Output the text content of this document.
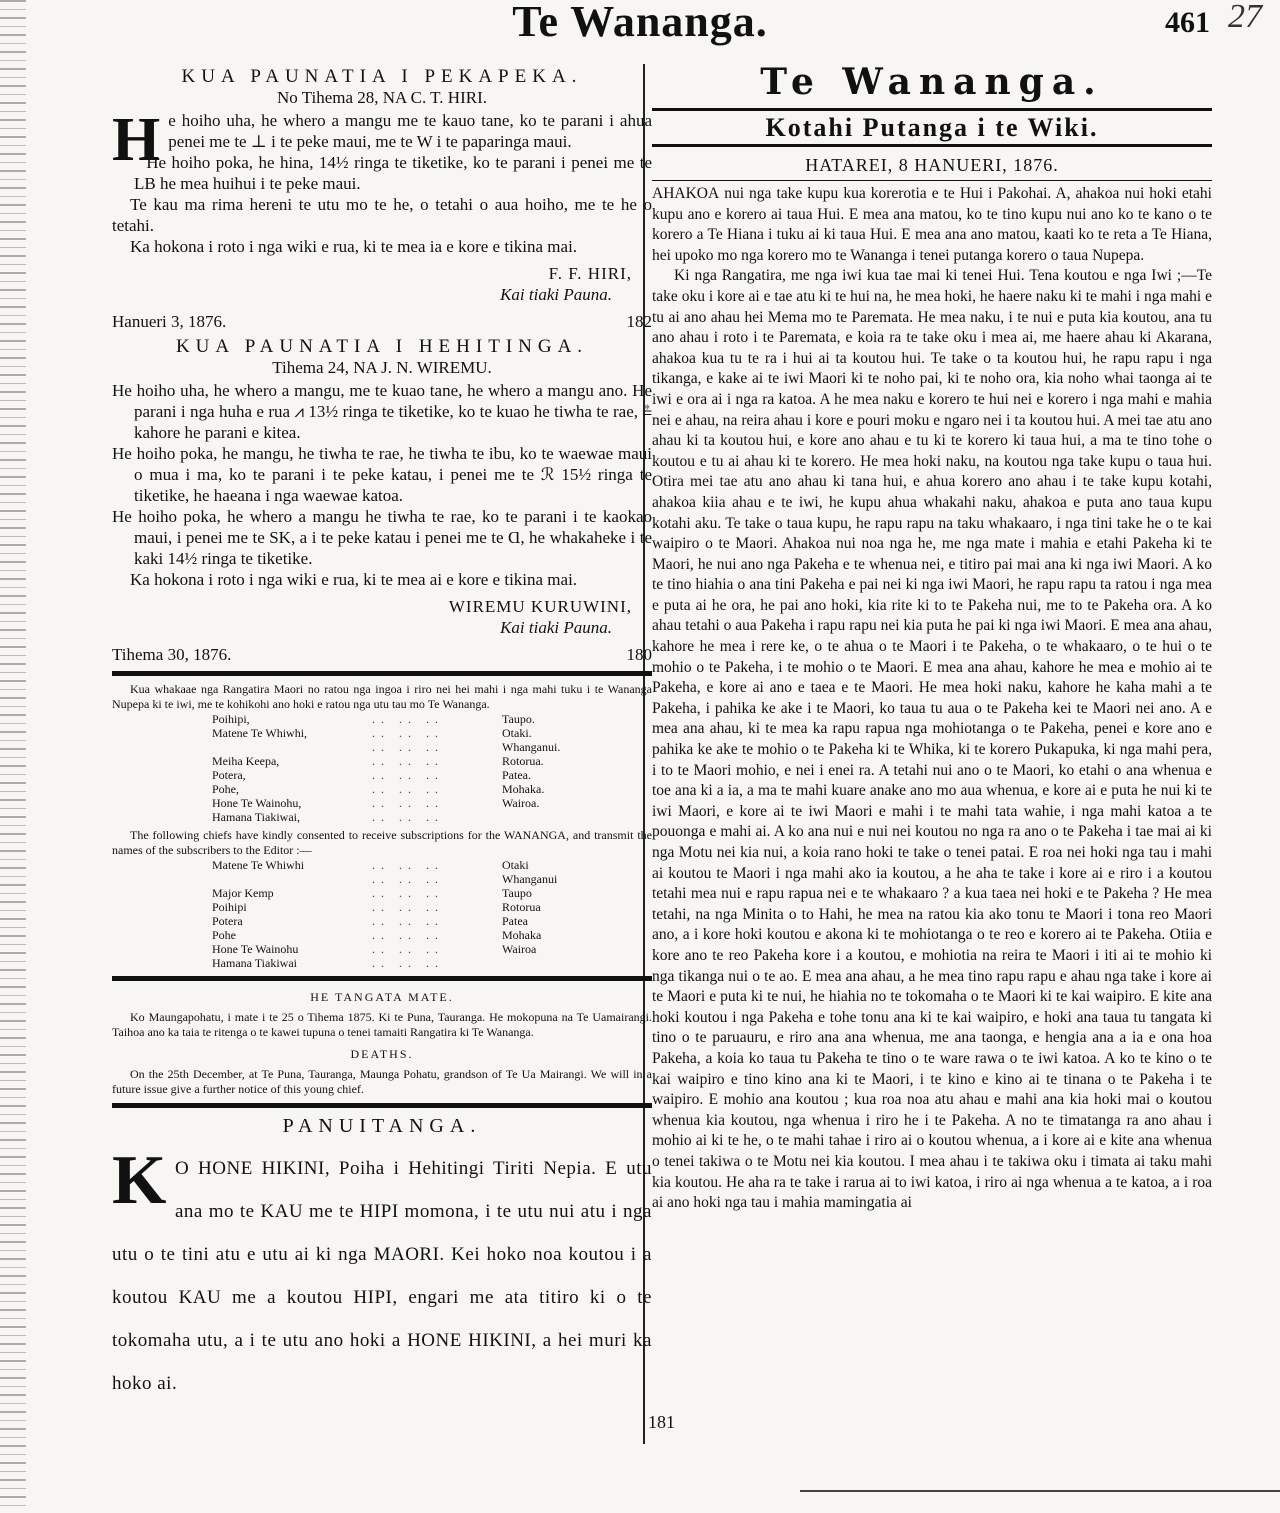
Te Wananga.	461 27

KUA PAUNATIA I PEKAPEKA.

No Tihema 28, NA C. T. HIRI.

H e hoiho uha, he whero a mangu me te kauo tane, ko te parani i ahua penei me te ⊥ i te peke maui, me te W i te paparinga maui.

He hoiho poka, he hina, 14½ ringa te tiketike, ko te parani i penei me te LB he mea huihui i te peke maui.

Te kau ma rima hereni te utu mo te he, o tetahi o aua hoiho, me te he o tetahi.

Ka hokona i roto i nga wiki e rua, ki te mea ia e kore e tikina mai.

F. F. HIRI,

Kai tiaki Pauna.

Hanueri 3, 1876.	182

KUA PAUNATIA I HEHITINGA.

Tihema 24, NA J. N. WIREMU.

He hoiho uha, he whero a mangu, me te kuao tane, he whero a mangu ano. He parani i nga huha e rua ⩘ 13½ ringa te tiketike, ko te kuao he tiwha te rae, ⩮ kahore he parani e kitea.

He hoiho poka, he mangu, he tiwha te rae, he tiwha te ibu, ko te waewae maui o mua i ma, ko te parani i te peke katau, i penei me te ℛ 15½ ringa te tiketike, he haeana i nga waewae katoa.

He hoiho poka, he whero a mangu he tiwha te rae, ko te parani i te kaokao maui, i penei me te SK, a i te peke katau i penei me te Ɑ, he whakaheke i te kaki 14½ ringa te tiketike.

Ka hokona i roto i nga wiki e rua, ki te mea ai e kore e tikina mai.

WIREMU KURUWINI,

Kai tiaki Pauna.

Tihema 30, 1876.	180

Kua whakaae nga Rangatira Maori no ratou nga ingoa i riro nei hei mahi i nga mahi tuku i te Wananga Nupepa ki te iwi, me te kohikohi ano hoki e ratou nga utu tau mo Te Wananga.

Poihipi,	.. .. ..	Taupo.
Matene Te Whiwhi,	.. .. ..	Otaki.
	.. .. ..	Whanganui.
Meiha Keepa,	.. .. ..	Rotorua.
Potera,	.. .. ..	Patea.
Pohe,	.. .. ..	Mohaka.
Hone Te Wainohu,	.. .. ..	Wairoa.
Hamana Tiakiwai,	.. .. ..	

The following chiefs have kindly consented to receive subscriptions for the WANANGA, and transmit the names of the subscribers to the Editor :—

Matene Te Whiwhi	.. .. ..	Otaki
	.. .. ..	Whanganui
Major Kemp	.. .. ..	Taupo
Poihipi	.. .. ..	Rotorua
Potera	.. .. ..	Patea
Pohe	.. .. ..	Mohaka
Hone Te Wainohu	.. .. ..	Wairoa
Hamana Tiakiwai	.. .. ..	

HE TANGATA MATE.

Ko Maungapohatu, i mate i te 25 o Tihema 1875. Ki te Puna, Tauranga. He mokopuna na Te Uamairangi. Taihoa ano ka taia te ritenga o te kawei tupuna o tenei tamaiti Rangatira ki Te Wananga.

DEATHS.

On the 25th December, at Te Puna, Tauranga, Maunga Pohatu, grandson of Te Ua Mairangi. We will in a future issue give a further notice of this young chief.

PANUITANGA.

K O HONE HIKINI, Poiha i Hehitingi Tiriti Nepia. E utu ana mo te KAU me te HIPI momona, i te utu nui atu i nga utu o te tini atu e utu ai ki nga MAORI. Kei hoko noa koutou i a koutou KAU me a koutou HIPI, engari me ata titiro ki o te tokomaha utu, a i te utu ano hoki a HONE HIKINI, a hei muri ka hoko ai.
181

Te Wananga.

Kotahi Putanga i te Wiki.

HATAREI, 8 HANUERI, 1876.

AHAKOA nui nga take kupu kua korerotia e te Hui i Pakohai. A, ahakoa nui hoki etahi kupu ano e korero ai taua Hui. E mea ana matou, ko te tino kupu nui ano ko te kano o te korero a Te Hiana i tuku ai ki taua Hui. E mea ana ano matou, kaati ko te reta a Te Hiana, hei upoko mo nga korero mo te Wananga i tenei putanga korero o taua Nupepa.

Ki nga Rangatira, me nga iwi kua tae mai ki tenei Hui. Tena koutou e nga Iwi ;—Te take oku i kore ai e tae atu ki te hui na, he mea hoki, he haere naku ki te mahi i nga mahi e tu ai ano ahau hei Mema mo te Paremata. He mea naku, i te nui e puta kia koutou, ana tu ano ahau i roto i te Paremata, e koia ra te take oku i mea ai, me haere ahau ki Akarana, ahakoa kua tu te ra i hui ai ta koutou hui. Te take o ta koutou hui, he rapu rapu i nga tikanga, e kake ai te iwi Maori ki te noho pai, ki te noho ora, kia noho whai taonga ai te iwi e ora ai i nga ra katoa. A he mea naku e korero te hui nei e korero i nga mahi e mahia nei e ahau, na reira ahau i kore e pouri moku e ngaro nei i ta koutou hui. A mei tae atu ano ahau ki ta koutou hui, e kore ano ahau e tu ki te korero ki taua hui, a ma te tino tohe o koutou e tu ai ahau ki te korero. He mea hoki naku, na koutou nga take kupu o taua hui. Otira mei tae atu ano ahau ki tana hui, e ahua korero ano ahau i te take kupu kotahi, ahakoa kiia ahau e te iwi, he kupu ahua whakahi naku, ahakoa e puta ano taua kupu kotahi aku. Te take o taua kupu, he rapu rapu na taku whakaaro, i nga tini take he o te kai waipiro o te Maori. Ahakoa nui noa nga he, me nga mate i mahia e etahi Pakeha ki te Maori, he nui ano nga Pakeha e te whenua nei, e titiro pai mai ana ki nga iwi Maori. A ko te tino hiahia o ana tini Pakeha e pai nei ki nga iwi Maori, he rapu rapu ta ratou i nga mea e puta ai he ora, he pai ano hoki, kia rite ki to te Pakeha nui, me to te Pakeha ora. A ko ahau tetahi o aua Pakeha i rapu rapu nei kia puta he pai ki nga iwi Maori. E mea ana ahau, kahore he mea i rere ke, o te ahua o te Maori i te Pakeha, o te whakaaro, o te hui o te mohio o te Pakeha, i te mohio o te Maori. E mea ana ahau, kahore he mea e mohio ai te Pakeha, e kore ai ano e taea e te Maori. He mea hoki naku, kahore he kaha mahi a te Pakeha, i pahika ke ake i te Maori, ko taua tu aua o te Pakeha kei te Maori nei ano. A e mea ana ahau, ki te mea ka rapu rapua nga mohiotanga o te Pakeha, penei e kore ano e pahika ke ake te mohio o te Pakeha ki te Whika, ki te korero Pukapuka, ki nga mahi pera, i to te Maori mohio, e nei i enei ra. A tetahi nui ano o te Maori, ko etahi o ana whenua e toe ana ki a ia, a ma te mahi kuare anake ano mo aua whenua, e kore ai e puta he nui ki te iwi Maori, e kore ai te iwi Maori e mahi i te mahi tata wahie, i nga mahi katoa a te pouonga e mahi ai. A ko ana nui e nui nei koutou no nga ra ano o te Pakeha i tae mai ai ki nga Motu nei kia nui, a koia rano hoki te take o tenei patai. E roa nei hoki nga tau i mahi ai koutou te Maori i nga mahi ako ia koutou, a he aha te take i kore ai e riro i a koutou tetahi mea nui e rapu rapua nei e te whakaaro ? a kua taea nei hoki e te Pakeha ? He mea tetahi, na nga Minita o to Hahi, he mea na ratou kia ako tonu te Maori i tona reo Maori ano, a i kore hoki koutou e akona ki te mohiotanga o te reo e korero ai te Pakeha. Otiia e kore ano te reo Pakeha kore i a koutou, e mohiotia na reira te Maori i iti ai te mohio ki nga tikanga nui o te ao. E mea ana ahau, a he mea tino rapu rapu e ahau nga take i kore ai te Maori e puta ki te nui, he hiahia no te tokomaha o te Maori ki te kai waipiro. E kite ana hoki koutou i nga Pakeha e tohe tonu ana ki te kai waipiro, e hoki ana taua tu tangata ki tino o te paruauru, e riro ana ana whenua, me ana taonga, e hengia ana a ia e ona hoa Pakeha, a koia ko taua tu Pakeha te tino o te ware rawa o te iwi katoa. A ko te kino o te kai waipiro e tino kino ana ki te Maori, i te kino e kino ai te tinana o te Pakeha i te waipiro. E mohio ana koutou ; kua roa noa atu ahau e mahi ana kia hoki mai o koutou whenua kia koutou, nga whenua i riro he i te Pakeha. A no te timatanga ra ano ahau i mohio ai ki te he, o te mahi tahae i riro ai o koutou whenua, a i kore ai e kite ana whenua o tenei takiwa o te Motu nei kia koutou. I mea ahau i te takiwa oku i timata ai taku mahi kia koutou. He aha ra te take i rarua ai to iwi katoa, i riro ai nga whenua a te katoa, a i roa ai ano hoki nga tau i mahia mamingatia ai
